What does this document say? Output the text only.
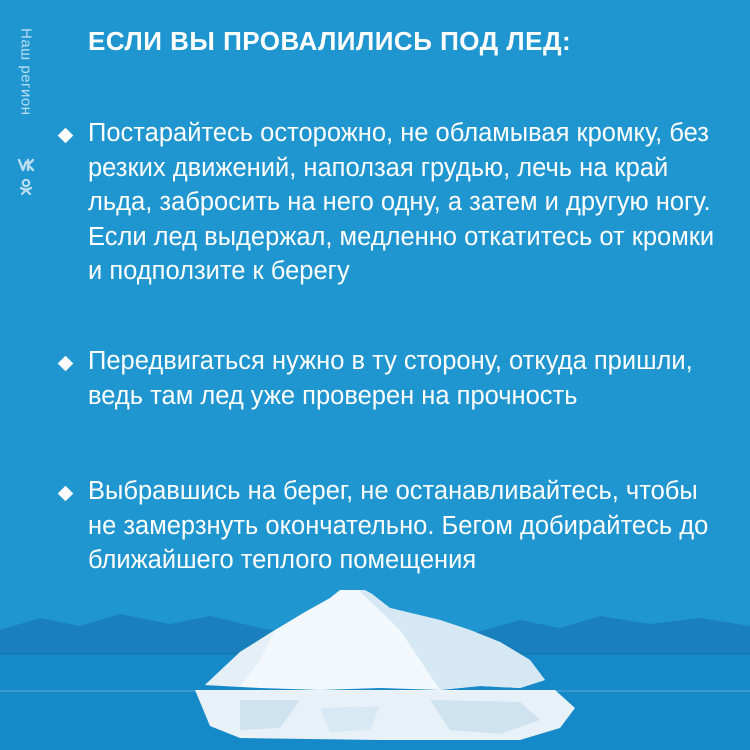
Наш регион ЕСЛИ ВЫ ПРОВАЛИЛИСЬ ПОД ЛЕД:
Постарайтесь осторожно, не обламывая кромку, без резких движений, наползая грудью, лечь на край льда, забросить на него одну, а затем и другую ногу. Если лед выдержал, медленно откатитесь от кромки и подползите к берегу
Передвигаться нужно в ту сторону, откуда пришли, ведь там лед уже проверен на прочность
Выбравшись на берег, не останавливайтесь, чтобы не замерзнуть окончательно. Бегом добирайтесь до ближайшего теплого помещения
